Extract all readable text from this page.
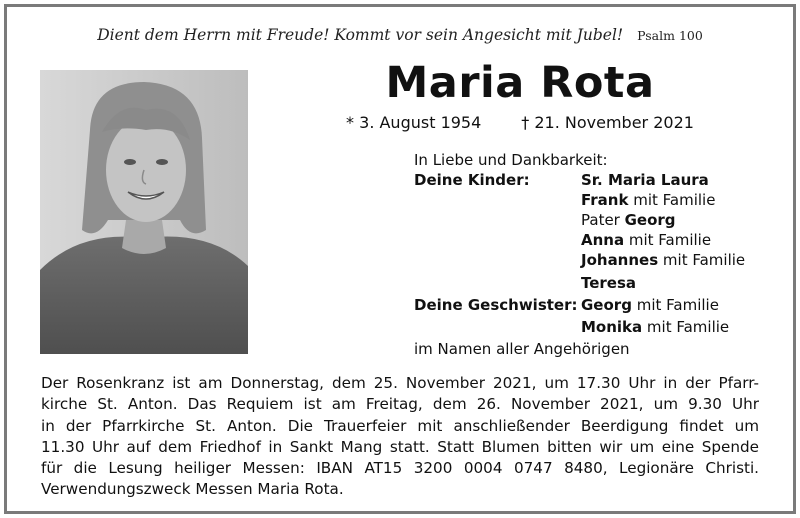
Dient dem Herrn mit Freude! Kommt vor sein Angesicht mit Jubel! Psalm 100
Maria Rota
* 3. August 1954	† 21. November 2021
In Liebe und Dankbarkeit:
Deine Kinder:	Sr. Maria Laura
Frank mit Familie
Pater Georg
Anna mit Familie
Johannes mit Familie
Teresa
Deine Geschwister: Georg mit Familie
Monika mit Familie
im Namen aller Angehörigen
Der Rosenkranz ist am Donnerstag, dem 25. November 2021, um 17.30 Uhr in der Pfarr-
kirche St. Anton. Das Requiem ist am Freitag, dem 26. November 2021, um 9.30 Uhr
in der Pfarrkirche St. Anton. Die Trauerfeier mit anschließender Beerdigung findet um
11.30 Uhr auf dem Friedhof in Sankt Mang statt. Statt Blumen bitten wir um eine Spende
für die Lesung heiliger Messen: IBAN AT15 3200 0004 0747 8480, Legionäre Christi.
Verwendungszweck Messen Maria Rota.
